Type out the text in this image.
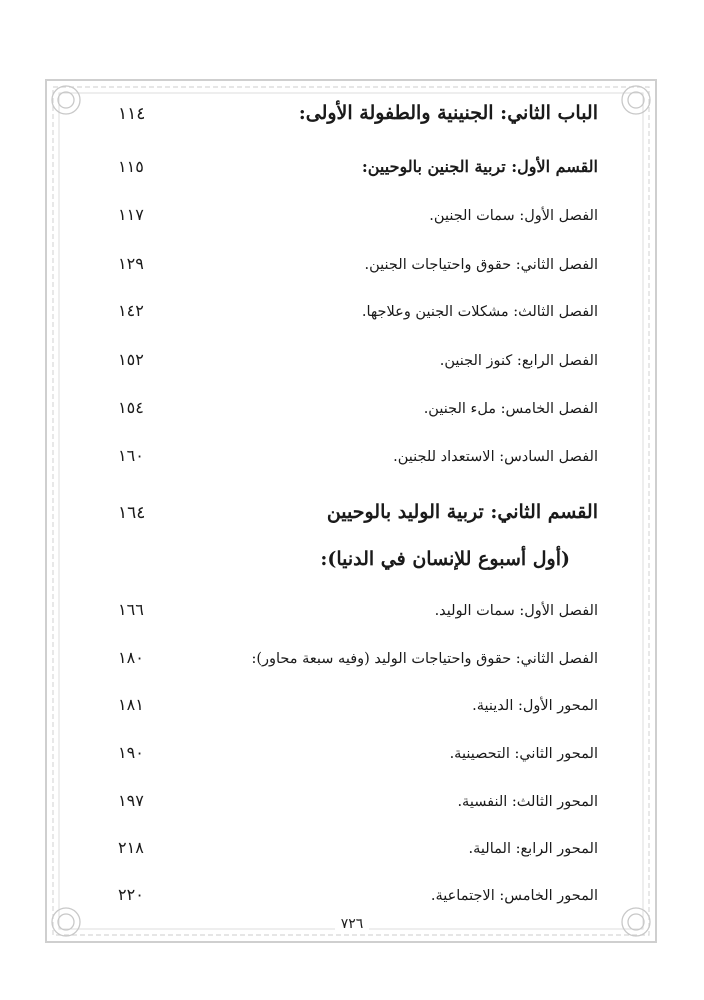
الباب الثاني: الجنينية والطفولة الأولى:
١١٤
القسم الأول: تربية الجنين بالوحيين:
١١٥
الفصل الأول: سمات الجنين.
١١٧
الفصل الثاني: حقوق واحتياجات الجنين.
١٢٩
الفصل الثالث: مشكلات الجنين وعلاجها.
١٤٢
الفصل الرابع: كنوز الجنين.
١٥٢
الفصل الخامس: ملء الجنين.
١٥٤
الفصل السادس: الاستعداد للجنين.
١٦٠
القسم الثاني: تربية الوليد بالوحيين
١٦٤
(أول أسبوع للإنسان في الدنيا):
الفصل الأول: سمات الوليد.
١٦٦
الفصل الثاني: حقوق واحتياجات الوليد (وفيه سبعة محاور):
١٨٠
المحور الأول: الدينية.
١٨١
المحور الثاني: التحصينية.
١٩٠
المحور الثالث: النفسية.
١٩٧
المحور الرابع: المالية.
٢١٨
المحور الخامس: الاجتماعية.
٢٢٠
٧٢٦
